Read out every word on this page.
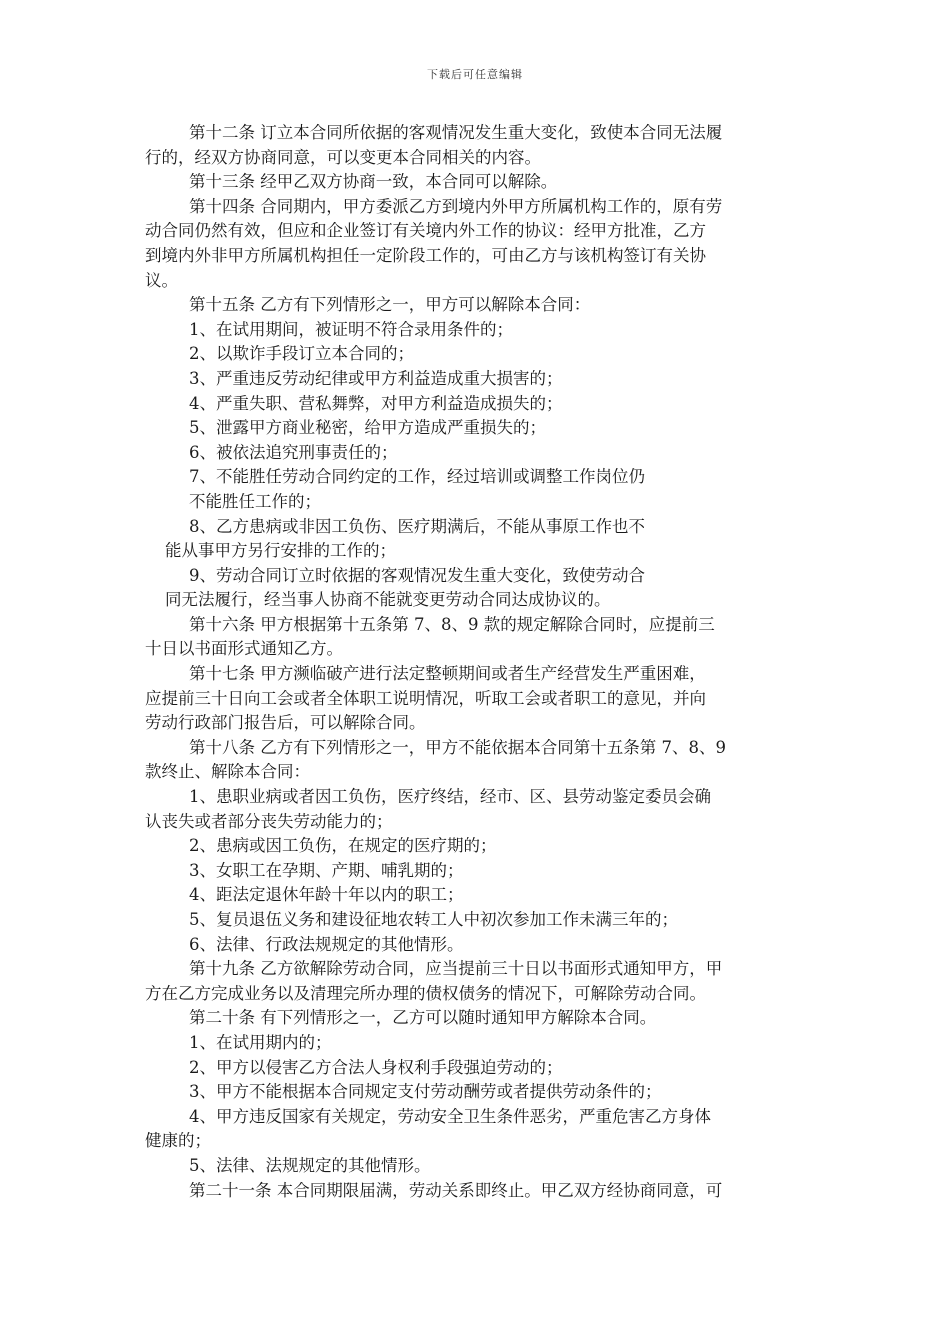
下载后可任意编辑
第十二条 订立本合同所依据的客观情况发生重大变化，致使本合同无法履
行的，经双方协商同意，可以变更本合同相关的内容。
第十三条 经甲乙双方协商一致，本合同可以解除。
第十四条 合同期内，甲方委派乙方到境内外甲方所属机构工作的，原有劳
动合同仍然有效，但应和企业签订有关境内外工作的协议：经甲方批准，乙方
到境内外非甲方所属机构担任一定阶段工作的，可由乙方与该机构签订有关协
议。
第十五条 乙方有下列情形之一，甲方可以解除本合同：
1、在试用期间，被证明不符合录用条件的；
2、以欺诈手段订立本合同的；
3、严重违反劳动纪律或甲方利益造成重大损害的；
4、严重失职、营私舞弊，对甲方利益造成损失的；
5、泄露甲方商业秘密，给甲方造成严重损失的；
6、被依法追究刑事责任的；
7、不能胜任劳动合同约定的工作，经过培训或调整工作岗位仍
不能胜任工作的；
8、乙方患病或非因工负伤、医疗期满后，不能从事原工作也不
能从事甲方另行安排的工作的；
9、劳动合同订立时依据的客观情况发生重大变化，致使劳动合
同无法履行，经当事人协商不能就变更劳动合同达成协议的。
第十六条 甲方根据第十五条第 7、8、9 款的规定解除合同时，应提前三
十日以书面形式通知乙方。
第十七条 甲方濒临破产进行法定整顿期间或者生产经营发生严重困难，
应提前三十日向工会或者全体职工说明情况，听取工会或者职工的意见，并向
劳动行政部门报告后，可以解除合同。
第十八条 乙方有下列情形之一，甲方不能依据本合同第十五条第 7、8、9
款终止、解除本合同：
1、患职业病或者因工负伤，医疗终结，经市、区、县劳动鉴定委员会确
认丧失或者部分丧失劳动能力的；
2、患病或因工负伤，在规定的医疗期的；
3、女职工在孕期、产期、哺乳期的；
4、距法定退休年龄十年以内的职工；
5、复员退伍义务和建设征地农转工人中初次参加工作未满三年的；
6、法律、行政法规规定的其他情形。
第十九条 乙方欲解除劳动合同，应当提前三十日以书面形式通知甲方，甲
方在乙方完成业务以及清理完所办理的债权债务的情况下，可解除劳动合同。
第二十条 有下列情形之一，乙方可以随时通知甲方解除本合同。
1、在试用期内的；
2、甲方以侵害乙方合法人身权利手段强迫劳动的；
3、甲方不能根据本合同规定支付劳动酬劳或者提供劳动条件的；
4、甲方违反国家有关规定，劳动安全卫生条件恶劣，严重危害乙方身体
健康的；
5、法律、法规规定的其他情形。
第二十一条 本合同期限届满，劳动关系即终止。甲乙双方经协商同意，可
